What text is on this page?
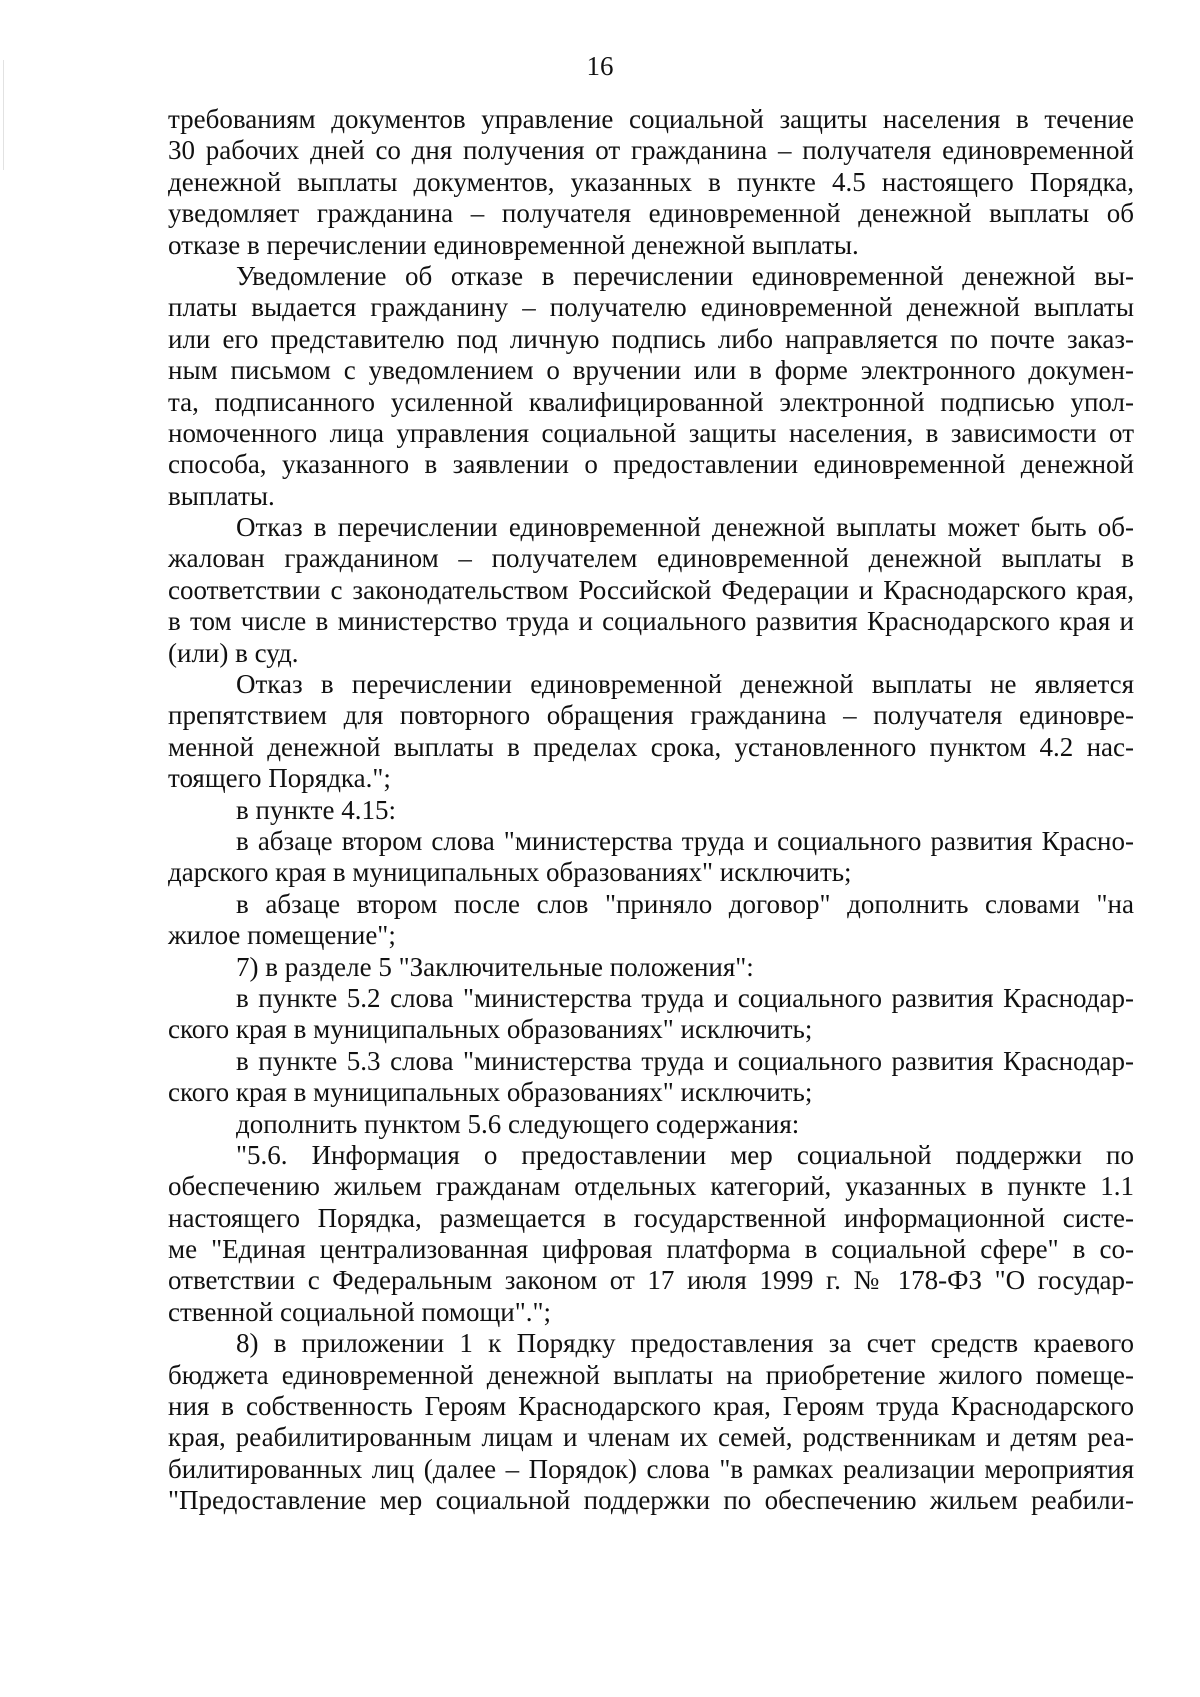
16
требованиям документов управление социальной защиты населения в течение
30 рабочих дней со дня получения от гражданина – получателя единовременной
денежной выплаты документов, указанных в пункте 4.5 настоящего Порядка,
уведомляет гражданина – получателя единовременной денежной выплаты об
отказе в перечислении единовременной денежной выплаты.
Уведомление об отказе в перечислении единовременной денежной вы-
платы выдается гражданину – получателю единовременной денежной выплаты
или его представителю под личную подпись либо направляется по почте заказ-
ным письмом с уведомлением о вручении или в форме электронного докумен-
та, подписанного усиленной квалифицированной электронной подписью упол-
номоченного лица управления социальной защиты населения, в зависимости от
способа, указанного в заявлении о предоставлении единовременной денежной
выплаты.
Отказ в перечислении единовременной денежной выплаты может быть об-
жалован гражданином – получателем единовременной денежной выплаты в
соответствии с законодательством Российской Федерации и Краснодарского края,
в том числе в министерство труда и социального развития Краснодарского края и
(или) в суд.
Отказ в перечислении единовременной денежной выплаты не является
препятствием для повторного обращения гражданина – получателя единовре-
менной денежной выплаты в пределах срока, установленного пунктом 4.2 нас-
тоящего Порядка.";
в пункте 4.15:
в абзаце втором слова "министерства труда и социального развития Красно-
дарского края в муниципальных образованиях" исключить;
в абзаце втором после слов "приняло договор" дополнить словами "на
жилое помещение";
7) в разделе 5 "Заключительные положения":
в пункте 5.2 слова "министерства труда и социального развития Краснодар-
ского края в муниципальных образованиях" исключить;
в пункте 5.3 слова "министерства труда и социального развития Краснодар-
ского края в муниципальных образованиях" исключить;
дополнить пунктом 5.6 следующего содержания:
"5.6. Информация о предоставлении мер социальной поддержки по
обеспечению жильем гражданам отдельных категорий, указанных в пункте 1.1
настоящего Порядка, размещается в государственной информационной систе-
ме "Единая централизованная цифровая платформа в социальной сфере" в со-
ответствии с Федеральным законом от 17 июля 1999 г. № 178-ФЗ "О государ-
ственной социальной помощи".";
8) в приложении 1 к Порядку предоставления за счет средств краевого
бюджета единовременной денежной выплаты на приобретение жилого помеще-
ния в собственность Героям Краснодарского края, Героям труда Краснодарского
края, реабилитированным лицам и членам их семей, родственникам и детям реа-
билитированных лиц (далее – Порядок) слова "в рамках реализации мероприятия
"Предоставление мер социальной поддержки по обеспечению жильем реабили-
